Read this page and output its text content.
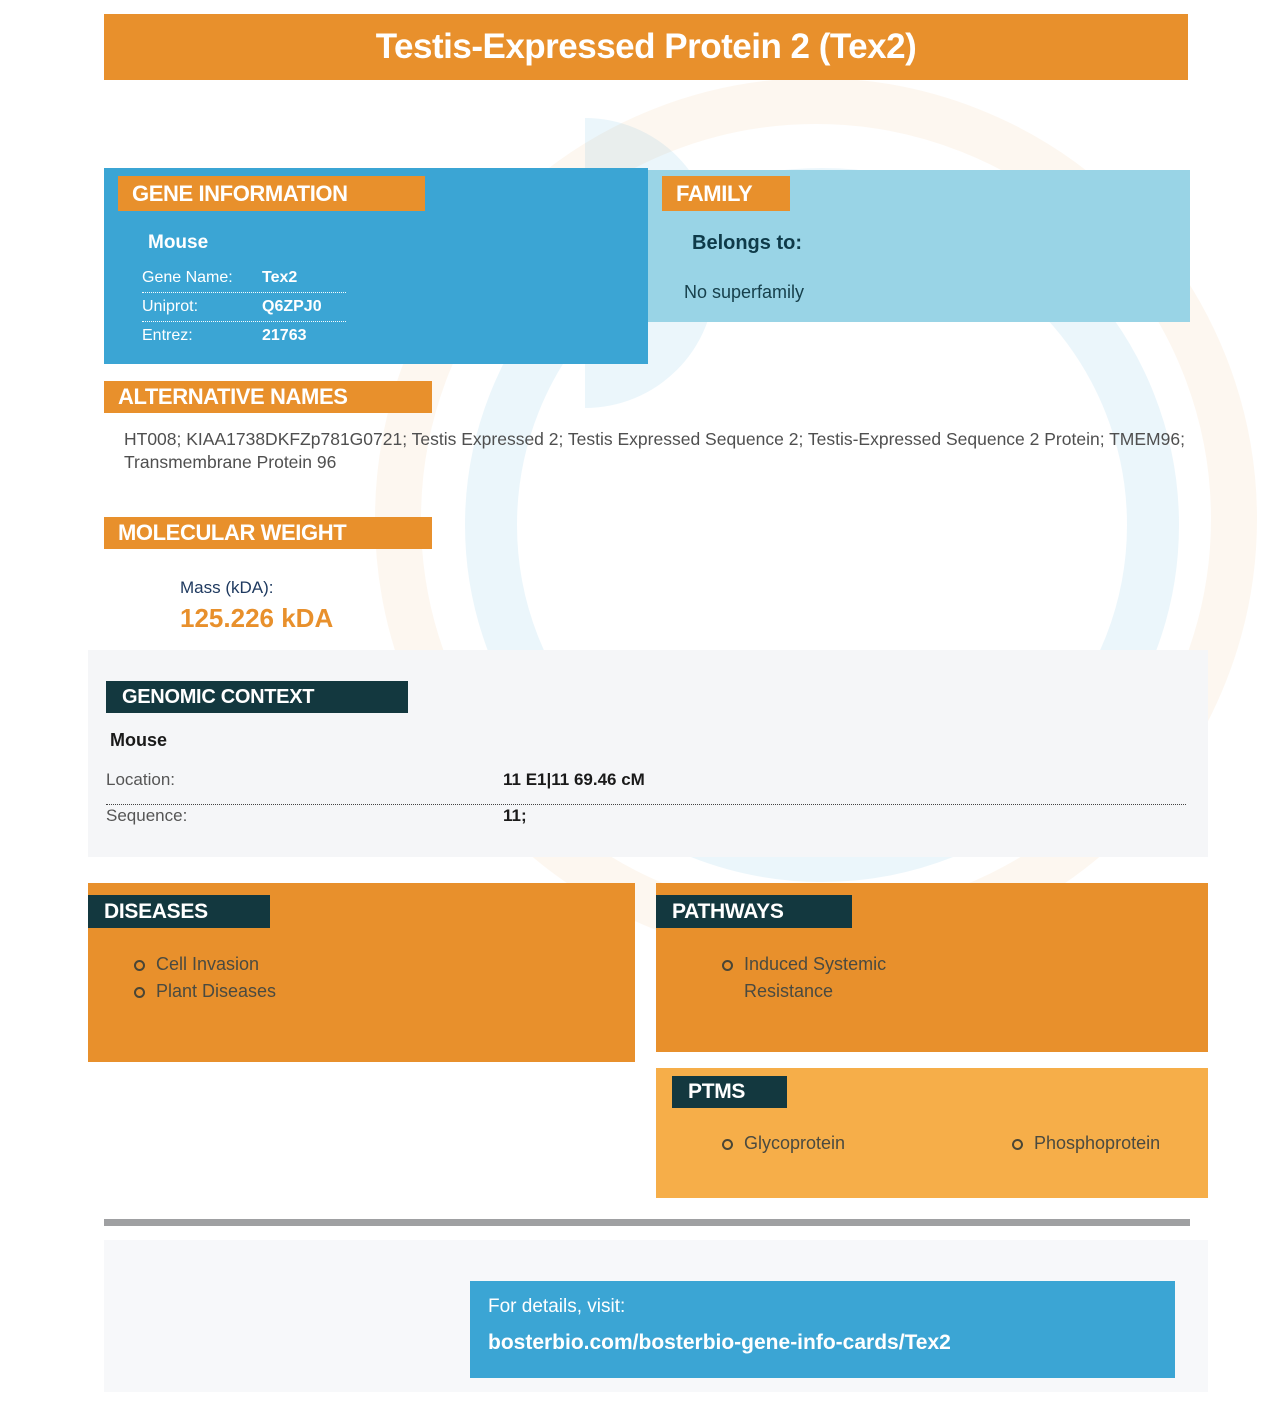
Testis-Expressed Protein 2 (Tex2)
GENE INFORMATION
Mouse
Gene Name:	Tex2
Uniprot:	Q6ZPJ0
Entrez:	21763
FAMILY
Belongs to:
No superfamily
ALTERNATIVE NAMES
HT008; KIAA1738DKFZp781G0721; Testis Expressed 2; Testis Expressed Sequence 2; Testis-Expressed Sequence 2 Protein; TMEM96; Transmembrane Protein 96
MOLECULAR WEIGHT
Mass (kDA):
125.226 kDA
GENOMIC CONTEXT
Mouse
Location:	11 E1|11 69.46 cM
Sequence:	11;
DISEASES
Cell Invasion
Plant Diseases
PATHWAYS
Induced Systemic Resistance
PTMS
Glycoprotein	Phosphoprotein
For details, visit:
bosterbio.com/bosterbio-gene-info-cards/Tex2
